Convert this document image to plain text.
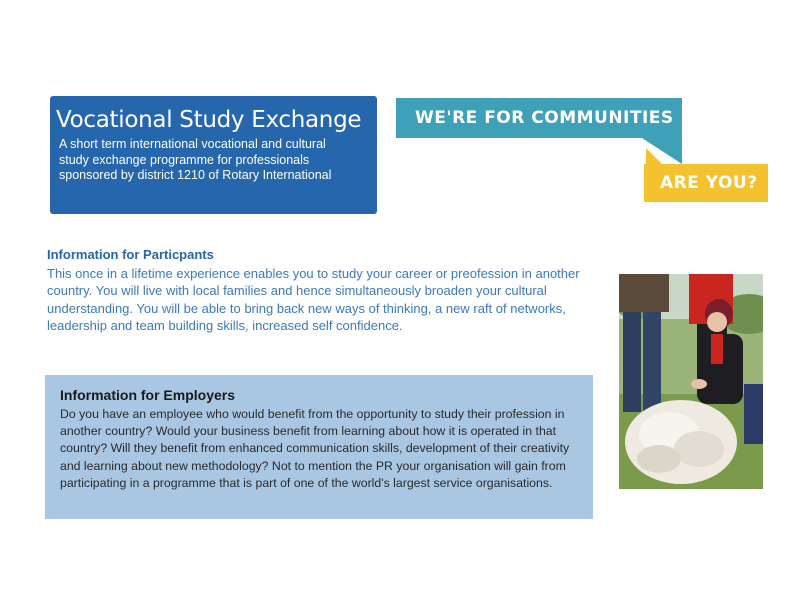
Vocational Study Exchange

A short term international vocational and cultural study exchange programme for professionals sponsored by district 1210 of Rotary International

WE'RE FOR COMMUNITIES
ARE YOU?
Information for Particpants

This once in a lifetime experience enables you to study your career or preofession in another country. You will live with local families and hence simultaneously broaden your cultural understanding. You will be able to bring back new ways of thinking, a new raft of networks, leadership and team building skills, increased self confidence.

Information for Employers

Do you have an employee who would benefit from the opportunity to study their profession in another country? Would your business benefit from learning about how it is operated in that country? Will they benefit from enhanced communication skills, development of their creativity and learning about new methodology? Not to mention the PR your organisation will gain from participating in a programme that is part of one of the world's largest service organisations.
